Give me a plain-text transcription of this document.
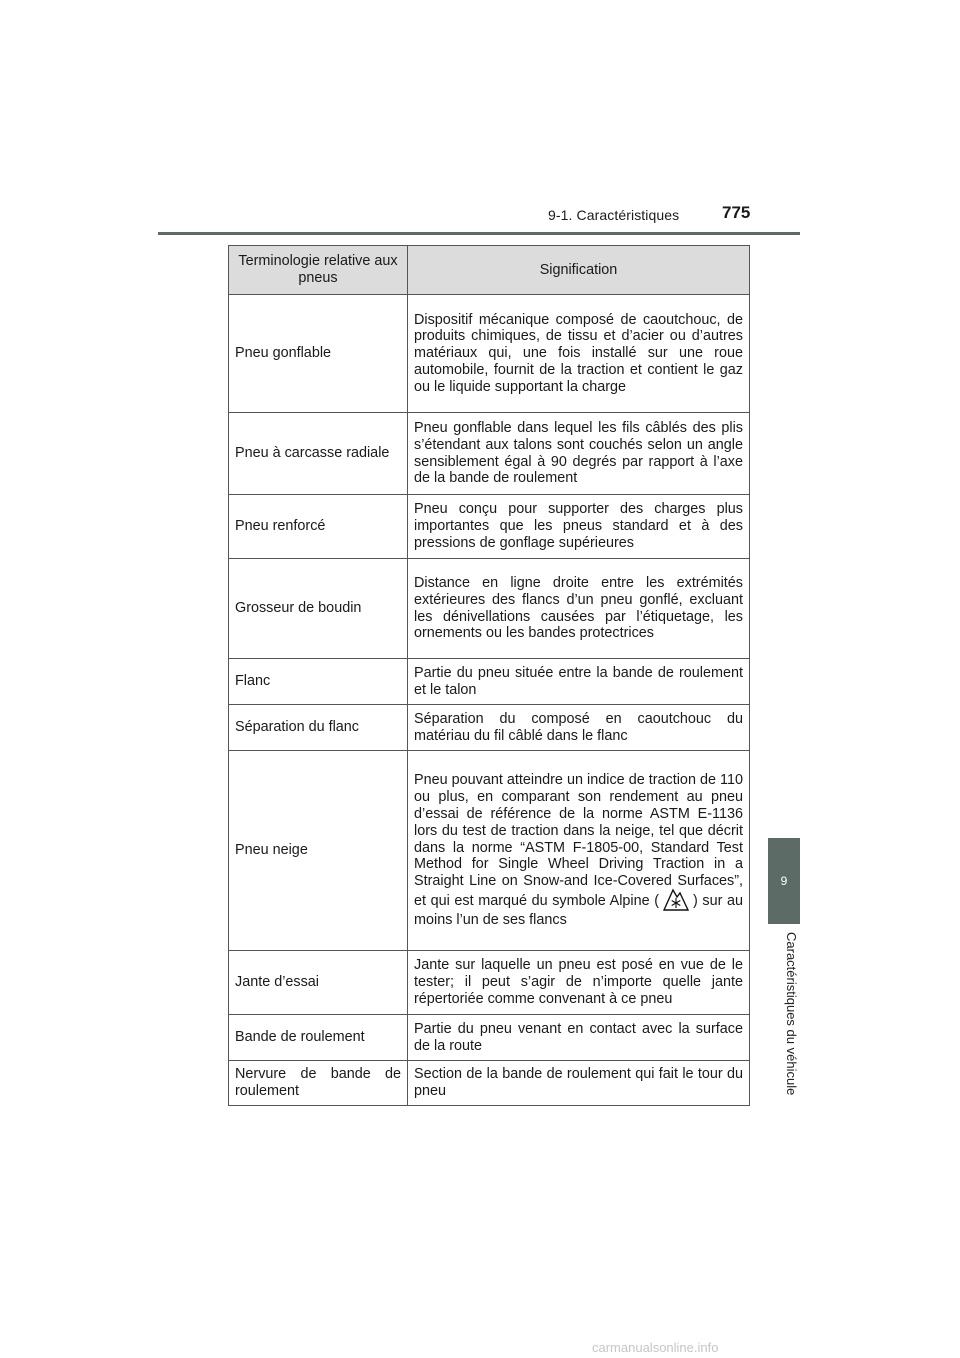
9-1. Caractéristiques	775
9
Caractéristiques du véhicule
Terminologie relative aux pneus	Signification
Pneu gonflable	Dispositif mécanique composé de caoutchouc, de produits chimiques, de tissu et d’acier ou d’autres matériaux qui, une fois installé sur une roue automobile, fournit de la traction et contient le gaz ou le liquide supportant la charge
Pneu à carcasse radiale	Pneu gonflable dans lequel les fils câblés des plis s’étendant aux talons sont couchés selon un angle sensiblement égal à 90 degrés par rapport à l’axe de la bande de roulement
Pneu renforcé	Pneu conçu pour supporter des charges plus importantes que les pneus standard et à des pressions de gonflage supérieures
Grosseur de boudin	Distance en ligne droite entre les extrémités extérieures des flancs d’un pneu gonflé, excluant les dénivellations causées par l’étiquetage, les ornements ou les bandes protectrices
Flanc	Partie du pneu située entre la bande de roulement et le talon
Séparation du flanc	Séparation du composé en caoutchouc du matériau du fil câblé dans le flanc
Pneu neige	Pneu pouvant atteindre un indice de traction de 110 ou plus, en comparant son rendement au pneu d’essai de référence de la norme ASTM E-1136 lors du test de traction dans la neige, tel que décrit dans la norme “ASTM F-1805-00, Standard Test Method for Single Wheel Driving Traction in a Straight Line on Snow-and Ice-Covered Surfaces”, et qui est marqué du symbole Alpine ( ) sur au moins l’un de ses flancs
Jante d’essai	Jante sur laquelle un pneu est posé en vue de le tester; il peut s’agir de n’importe quelle jante répertoriée comme convenant à ce pneu
Bande de roulement	Partie du pneu venant en contact avec la surface de la route
Nervure de bande de roulement	Section de la bande de roulement qui fait le tour du pneu
carmanualsonline.info
